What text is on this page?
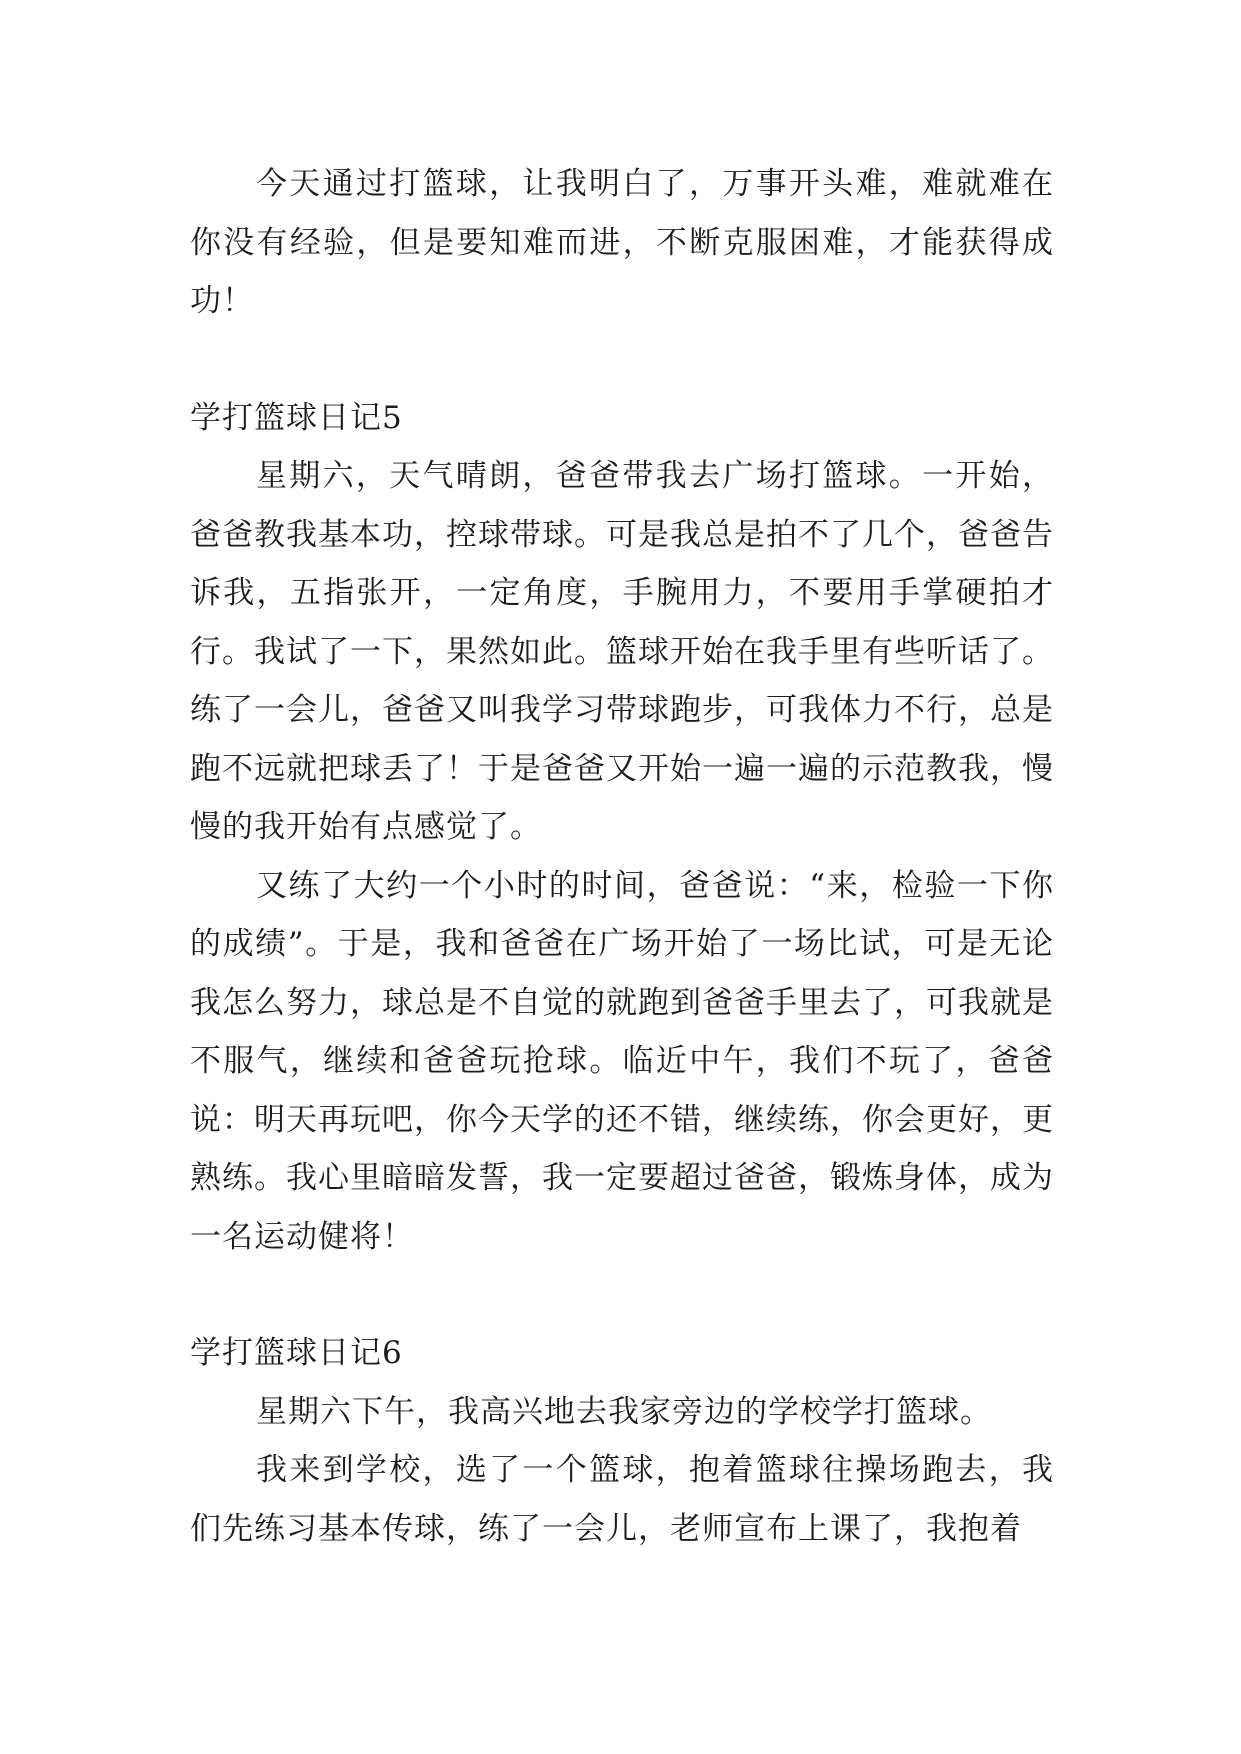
今天通过打篮球，让我明白了，万事开头难，难就难在你没有经验，但是要知难而进，不断克服困难，才能获得成功！

学打篮球日记5

星期六，天气晴朗，爸爸带我去广场打篮球。一开始，爸爸教我基本功，控球带球。可是我总是拍不了几个，爸爸告诉我，五指张开，一定角度，手腕用力，不要用手掌硬拍才行。我试了一下，果然如此。篮球开始在我手里有些听话了。练了一会儿，爸爸又叫我学习带球跑步，可我体力不行，总是跑不远就把球丢了！于是爸爸又开始一遍一遍的示范教我，慢慢的我开始有点感觉了。

又练了大约一个小时的时间，爸爸说：“来，检验一下你的成绩”。于是，我和爸爸在广场开始了一场比试，可是无论我怎么努力，球总是不自觉的就跑到爸爸手里去了，可我就是不服气，继续和爸爸玩抢球。临近中午，我们不玩了，爸爸说：明天再玩吧，你今天学的还不错，继续练，你会更好，更熟练。我心里暗暗发誓，我一定要超过爸爸，锻炼身体，成为一名运动健将！

学打篮球日记6

星期六下午，我高兴地去我家旁边的学校学打篮球。

我来到学校，选了一个篮球，抱着篮球往操场跑去，我们先练习基本传球，练了一会儿，老师宣布上课了，我抱着
